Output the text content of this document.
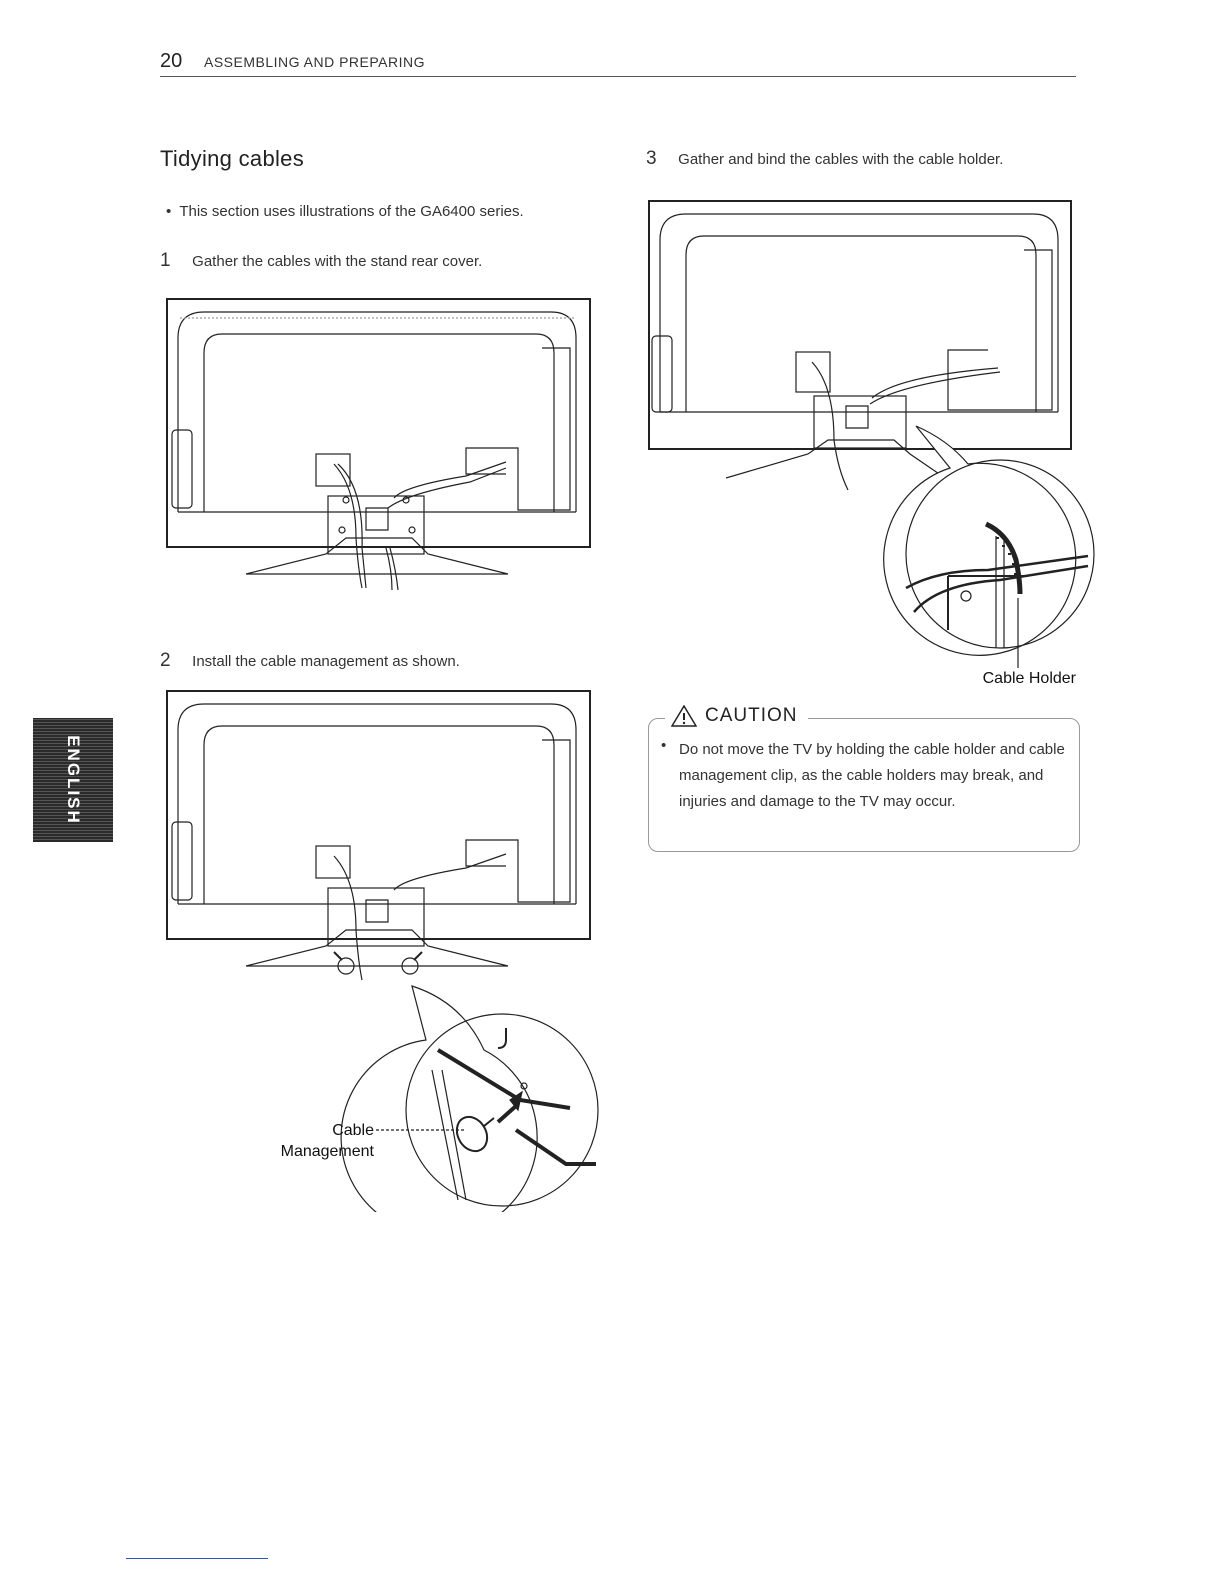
20 ASSEMBLING AND PREPARING
Tidying cables
• This section uses illustrations of the GA6400 series.
1 Gather the cables with the stand rear cover.
2 Install the cable management as shown.
Cable
Management
3 Gather and bind the cables with the cable holder.
Cable Holder
CAUTION
• Do not move the TV by holding the cable holder and cable management clip, as the cable holders may break, and injuries and damage to the TV may occur.
ENGLISH
